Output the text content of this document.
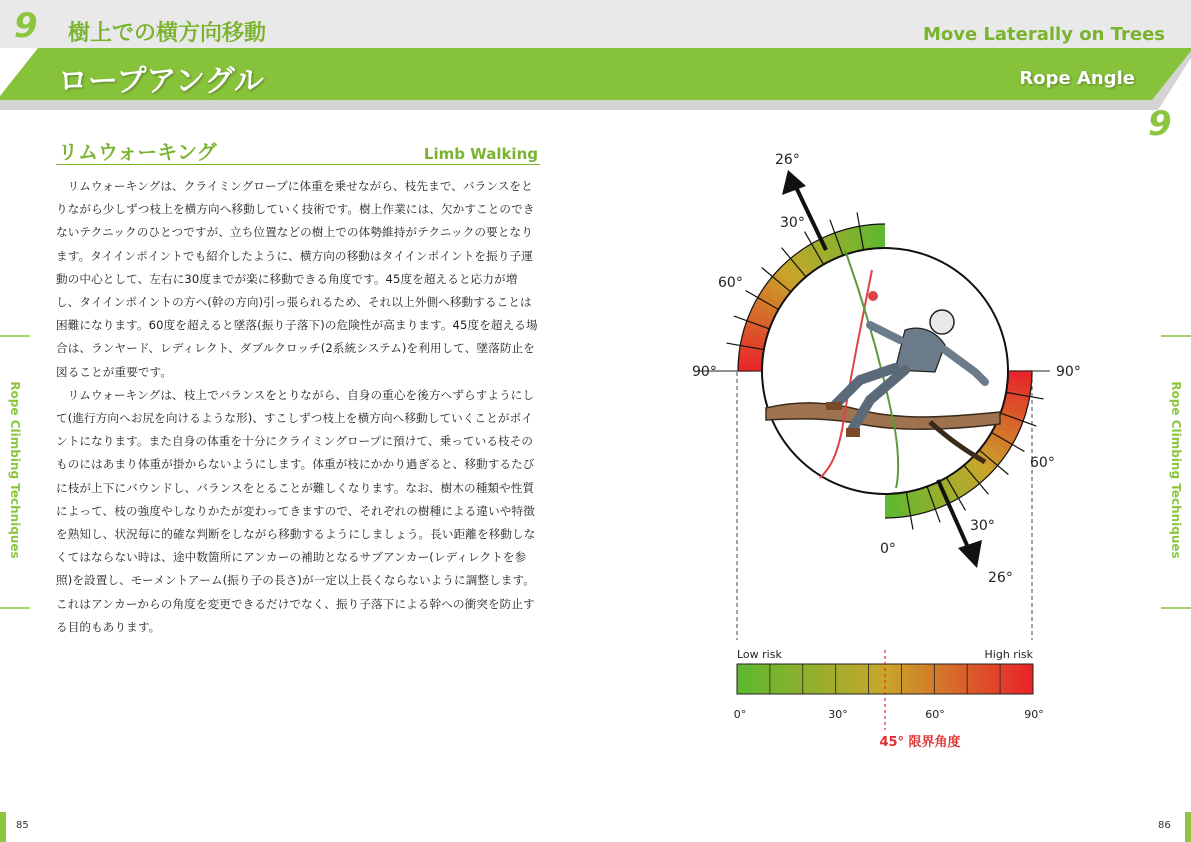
9 樹上での横方向移動	Move Laterally on Trees
ロープアングル	Rope Angle
9
リムウォーキング	Limb Walking

リムウォーキングは、クライミングロープに体重を乗せながら、枝先まで、バランスをとりながら少しずつ枝上を横方向へ移動していく技術です。樹上作業には、欠かすことのできないテクニックのひとつですが、立ち位置などの樹上での体勢維持がテクニックの要となります。タイインポイントでも紹介したように、横方向の移動はタイインポイントを振り子運動の中心として、左右に30度までが楽に移動できる角度です。45度を超えると応力が増し、タイインポイントの方へ(幹の方向)引っ張られるため、それ以上外側へ移動することは困難になります。60度を超えると墜落(振り子落下)の危険性が高まります。45度を超える場合は、ランヤード、レディレクト、ダブルクロッチ(2系統システム)を利用して、墜落防止を図ることが重要です。

リムウォーキングは、枝上でバランスをとりながら、自身の重心を後方へずらすようにして(進行方向へお尻を向けるような形)、すこしずつ枝上を横方向へ移動していくことがポイントになります。また自身の体重を十分にクライミングロープに預けて、乗っている枝そのものにはあまり体重が掛からないようにします。体重が枝にかかり過ぎると、移動するたびに枝が上下にバウンドし、バランスをとることが難しくなります。なお、樹木の種類や性質によって、枝の強度やしなりかたが変わってきますので、それぞれの樹種による違いや特徴を熟知し、状況毎に的確な判断をしながら移動するようにしましょう。長い距離を移動しなくてはならない時は、途中数箇所にアンカーの補助となるサブアンカー(レディレクトを参照)を設置し、モーメントアーム(振り子の長さ)が一定以上長くならないように調整します。これはアンカーからの角度を変更できるだけでなく、振り子落下による幹への衝突を防止する目的もあります。

Rope Climbing Techniques	Rope Climbing Techniques
85	86
26°
30°
60°
90°	90°
60°
30°
0°
26°
Low risk	High risk
0°	30°	60°	90°
45° 限界角度
